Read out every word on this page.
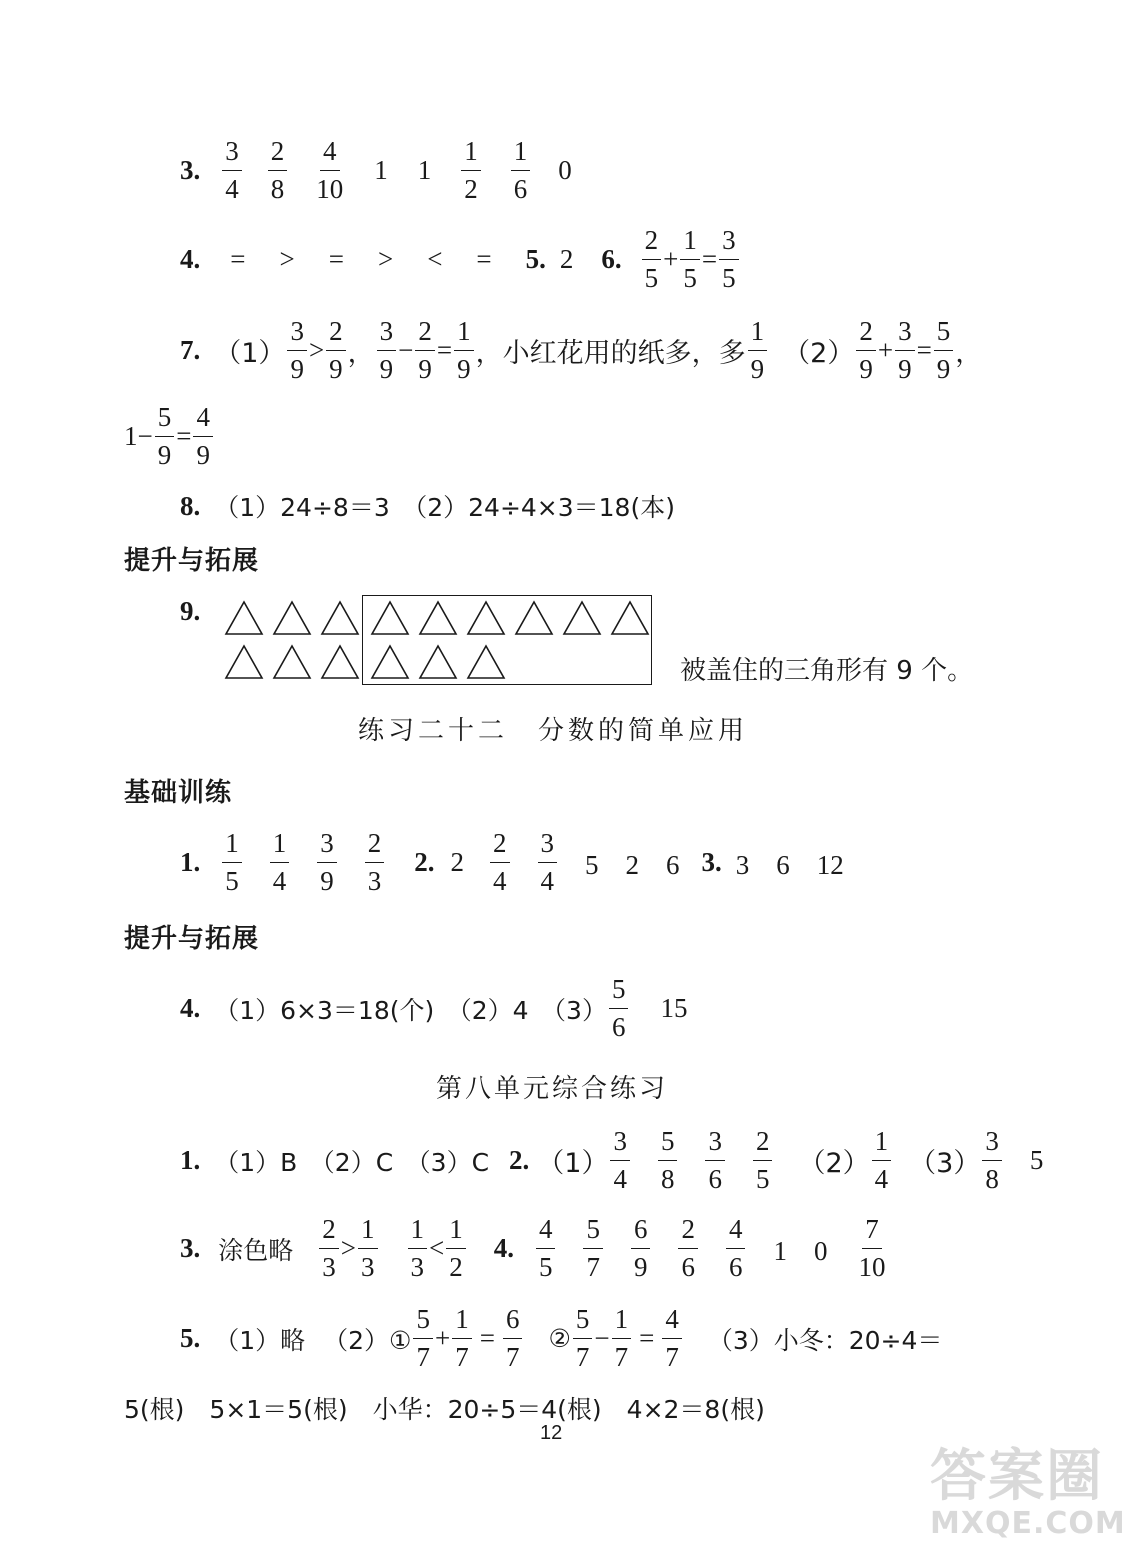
3 . $\frac{3}{4} \frac{2}{8} \frac{4}{10} 1$ $1 \frac{1}{2} \frac{1}{6} 0$
4 . = > = > < = 5 . 2 6 . $\frac{2}{5} + \frac{1}{5} = \frac{3}{5}$
7 . $(1) \frac{3}{9} > \frac{2}{9}$ ， $\frac{3}{9} - \frac{2}{9} = \frac{1}{9}$ ，小红花用的纸多，多 $\frac{1}{9} (2) \frac{2}{9} + \frac{3}{9} = \frac{5}{9}$ ，
$1 - \frac{5}{9} = \frac{4}{9}$
8 . （1）24÷8＝3　（2）24÷4×3＝18(本)
提升与拓展
9 .
被盖住的三角形有 9 个。
练习二十二　分数的简单应用
基础训练
1 . $\frac{1}{5} \frac{1}{4} \frac{3}{9} \frac{2}{3} 2$ . $2 \frac{2}{4} \frac{3}{4} 5$　2　6 3 . 3　6　12
提升与拓展
4 . （1）6×3＝18(个)　（2）4　$(3) \frac{5}{6} 15$
第八单元综合练习
1 . （1）B　（2）C　（3）C 2 . $(1) \frac{3}{4} \frac{5}{8} \frac{3}{6} \frac{2}{5} (2) \frac{1}{4} (3) \frac{3}{8} 5$
3 . 涂色略 $\frac{2}{3} > \frac{1}{3} \frac{1}{3} < \frac{1}{2} 4$ . $\frac{4}{5} \frac{5}{7} \frac{6}{9} \frac{2}{6} \frac{4}{6} 1$　$0 \frac{7}{10}$
5 . （1）略 （2）① $\frac{5}{7} + \frac{1}{7} = \frac{6}{7}$ ② $\frac{5}{7} - \frac{1}{7} = \frac{4}{7} (3)$小冬：20÷4＝
5(根)　5×1＝5(根)　小华：20÷5＝4(根)　4×2＝8(根)
12
答案圈
MXQE.COM
